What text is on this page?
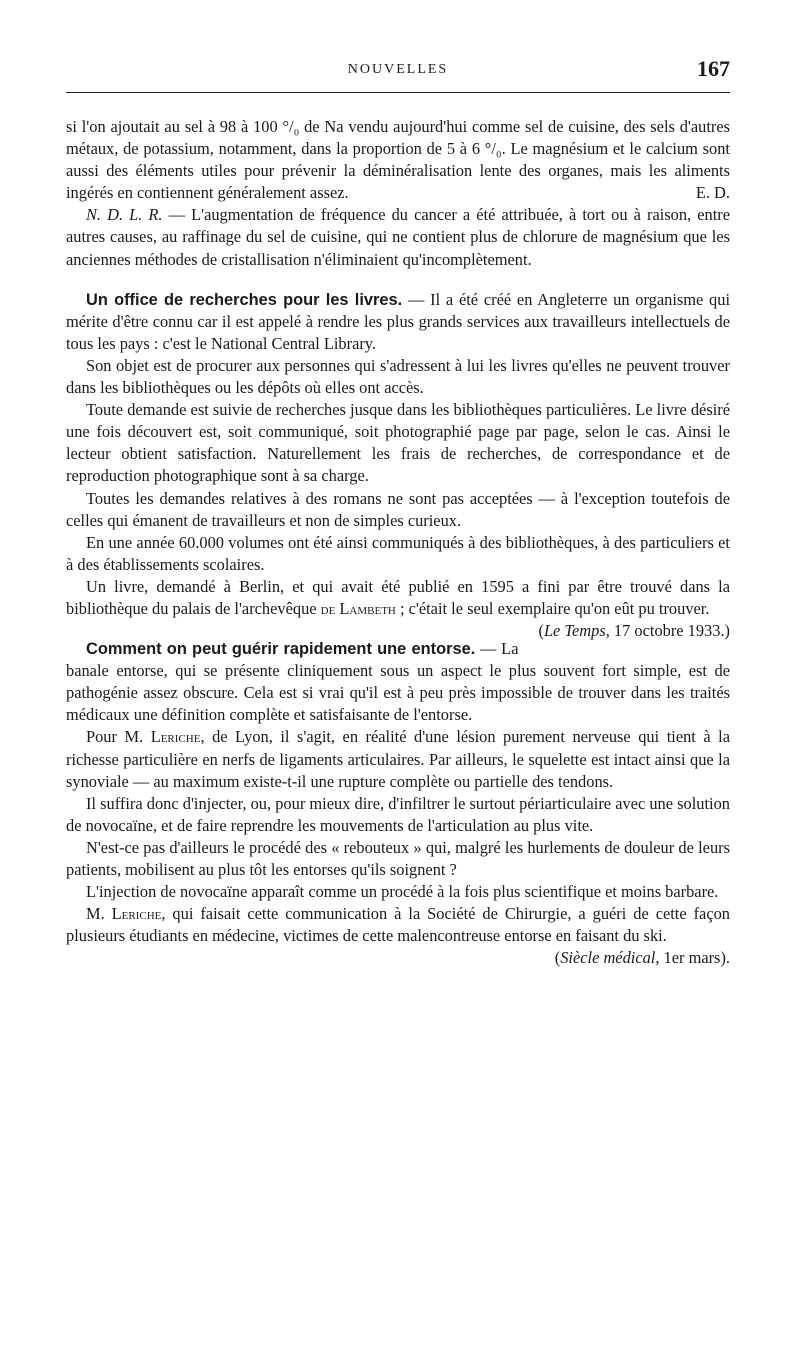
NOUVELLES	167

si l'on ajoutait au sel à 98 à 100 °/₀ de Na vendu aujourd'hui comme sel de cuisine, des sels d'autres métaux, de potassium, notamment, dans la proportion de 5 à 6 °/₀. Le magnésium et le calcium sont aussi des éléments utiles pour prévenir la déminéralisation lente des organes, mais les aliments ingérés en contiennent généralement assez.	E. D.

N. D. L. R. — L'augmentation de fréquence du cancer a été attribuée, à tort ou à raison, entre autres causes, au raffinage du sel de cuisine, qui ne contient plus de chlorure de magnésium que les anciennes méthodes de cristallisation n'éliminaient qu'incomplètement.

Un office de recherches pour les livres. — Il a été créé en Angleterre un organisme qui mérite d'être connu car il est appelé à rendre les plus grands services aux travailleurs intellectuels de tous les pays : c'est le National Central Library.

Son objet est de procurer aux personnes qui s'adressent à lui les livres qu'elles ne peuvent trouver dans les bibliothèques ou les dépôts où elles ont accès.

Toute demande est suivie de recherches jusque dans les bibliothèques particulières. Le livre désiré une fois découvert est, soit communiqué, soit photographié page par page, selon le cas. Ainsi le lecteur obtient satisfaction. Naturellement les frais de recherches, de correspondance et de reproduction photographique sont à sa charge.

Toutes les demandes relatives à des romans ne sont pas acceptées — à l'exception toutefois de celles qui émanent de travailleurs et non de simples curieux.

En une année 60.000 volumes ont été ainsi communiqués à des bibliothèques, à des particuliers et à des établissements scolaires.

Un livre, demandé à Berlin, et qui avait été publié en 1595 a fini par être trouvé dans la bibliothèque du palais de l'archevêque de Lambeth ; c'était le seul exemplaire qu'on eût pu trouver.
(Le Temps, 17 octobre 1933.)

Comment on peut guérir rapidement une entorse. — La banale entorse, qui se présente cliniquement sous un aspect le plus souvent fort simple, est de pathogénie assez obscure. Cela est si vrai qu'il est à peu près impossible de trouver dans les traités médicaux une définition complète et satisfaisante de l'entorse.

Pour M. Leriche, de Lyon, il s'agit, en réalité d'une lésion purement nerveuse qui tient à la richesse particulière en nerfs de ligaments articulaires. Par ailleurs, le squelette est intact ainsi que la synoviale — au maximum existe-t-il une rupture complète ou partielle des tendons.

Il suffira donc d'injecter, ou, pour mieux dire, d'infiltrer le surtout périarticulaire avec une solution de novocaïne, et de faire reprendre les mouvements de l'articulation au plus vite.

N'est-ce pas d'ailleurs le procédé des « rebouteux » qui, malgré les hurlements de douleur de leurs patients, mobilisent au plus tôt les entorses qu'ils soignent ?

L'injection de novocaïne apparaît comme un procédé à la fois plus scientifique et moins barbare.

M. Leriche, qui faisait cette communication à la Société de Chirurgie, a guéri de cette façon plusieurs étudiants en médecine, victimes de cette malencontreuse entorse en faisant du ski.
(Siècle médical, 1er mars).
